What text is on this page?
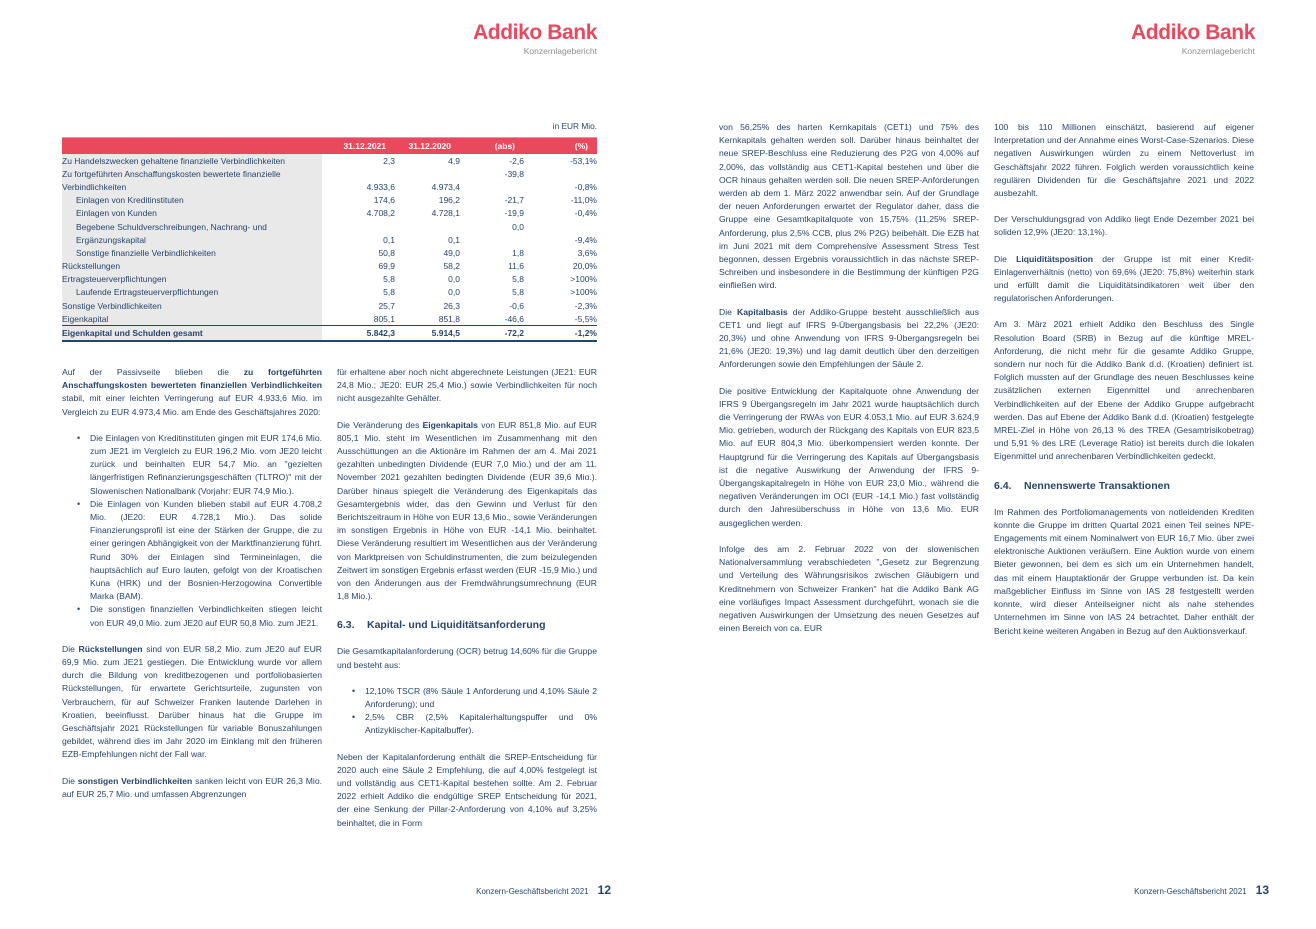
Addiko Bank
Konzernlagebericht
in EUR Mio.
	31.12.2021	31.12.2020	(abs)	(%)
Zu Handelszwecken gehaltene finanzielle Verbindlichkeiten	2,3	4,9	-2,6	-53,1%
Zu fortgeführten Anschaffungskosten bewertete finanzielle			-39,8	
Verbindlichkeiten	4.933,6	4.973,4		-0,8%
Einlagen von Kreditinstituten	174,6	196,2	-21,7	-11,0%
Einlagen von Kunden	4.708,2	4.728,1	-19,9	-0,4%
Begebene Schuldverschreibungen, Nachrang- und			0,0	
Ergänzungskapital	0,1	0,1		-9,4%
Sonstige finanzielle Verbindlichkeiten	50,8	49,0	1,8	3,6%
Rückstellungen	69,9	58,2	11,6	20,0%
Ertragsteuerverpflichtungen	5,8	0,0	5,8	>100%
Laufende Ertragsteuerverpflichtungen	5,8	0,0	5,8	>100%
Sonstige Verbindlichkeiten	25,7	26,3	-0,6	-2,3%
Eigenkapital	805,1	851,8	-46,6	-5,5%
Eigenkapital und Schulden gesamt	5.842,3	5.914,5	-72,2	-1,2%

Auf der Passivseite blieben die zu fortgeführten Anschaffungskosten bewerteten finanziellen Verbindlichkeiten stabil, mit einer leichten Verringerung auf EUR 4.933,6 Mio. im Vergleich zu EUR 4.973,4 Mio. am Ende des Geschäftsjahres 2020:

•	Die Einlagen von Kreditinstituten gingen mit EUR 174,6 Mio. zum JE21 im Vergleich zu EUR 196,2 Mio. vom JE20 leicht zurück und beinhalten EUR 54,7 Mio. an "gezielten längerfristigen Refinanzierungsgeschäften (TLTRO)" mit der Slowenischen Nationalbank (Vorjahr: EUR 74,9 Mio.).
•	Die Einlagen von Kunden blieben stabil auf EUR 4.708,2 Mio. (JE20: EUR 4.728,1 Mio.). Das solide Finanzierungsprofil ist eine der Stärken der Gruppe, die zu einer geringen Abhängigkeit von der Marktfinanzierung führt. Rund 30% der Einlagen sind Termineinlagen, die hauptsächlich auf Euro lauten, gefolgt von der Kroatischen Kuna (HRK) und der Bosnien-Herzogowina Convertible Marka (BAM).
•	Die sonstigen finanziellen Verbindlichkeiten stiegen leicht von EUR 49,0 Mio. zum JE20 auf EUR 50,8 Mio. zum JE21.

Die Rückstellungen sind von EUR 58,2 Mio. zum JE20 auf EUR 69,9 Mio. zum JE21 gestiegen. Die Entwicklung wurde vor allem durch die Bildung von kreditbezogenen und portfoliobasierten Rückstellungen, für erwartete Gerichtsurteile, zugunsten von Verbrauchern, für auf Schweizer Franken lautende Darlehen in Kroatien, beeinflusst. Darüber hinaus hat die Gruppe im Geschäftsjahr 2021 Rückstellungen für variable Bonuszahlungen gebildet, während dies im Jahr 2020 im Einklang mit den früheren EZB-Empfehlungen nicht der Fall war.

Die sonstigen Verbindlichkeiten sanken leicht von EUR 26,3 Mio. auf EUR 25,7 Mio. und umfassen Abgrenzungen

für erhaltene aber noch nicht abgerechnete Leistungen (JE21: EUR 24,8 Mio.; JE20: EUR 25,4 Mio.) sowie Verbindlichkeiten für noch nicht ausgezahlte Gehälter.

Die Veränderung des Eigenkapitals von EUR 851,8 Mio. auf EUR 805,1 Mio. steht im Wesentlichen im Zusammenhang mit den Ausschüttungen an die Aktionäre im Rahmen der am 4. Mai 2021 gezahlten unbedingten Dividende (EUR 7,0 Mio.) und der am 11. November 2021 gezahlten bedingten Dividende (EUR 39,6 Mio.). Darüber hinaus spiegelt die Veränderung des Eigenkapitals das Gesamtergebnis wider, das den Gewinn und Verlust für den Berichtszeitraum in Höhe von EUR 13,6 Mio., sowie Veränderungen im sonstigen Ergebnis in Höhe von EUR -14,1 Mio. beinhaltet. Diese Veränderung resultiert im Wesentlichen aus der Veränderung von Marktpreisen von Schuldinstrumenten, die zum beizulegenden Zeitwert im sonstigen Ergebnis erfasst werden (EUR -15,9 Mio.) und von den Änderungen aus der Fremdwährungsumrechnung (EUR 1,8 Mio.).

6.3.	Kapital- und Liquiditätsanforderung

Die Gesamtkapitalanforderung (OCR) betrug 14,60% für die Gruppe und besteht aus:

•	12,10% TSCR (8% Säule 1 Anforderung und 4,10% Säule 2 Anforderung); und
•	2,5% CBR (2,5% Kapitalerhaltungspuffer und 0% Antizyklischer-Kapitalbuffer).

Neben der Kapitalanforderung enthält die SREP-Entscheidung für 2020 auch eine Säule 2 Empfehlung, die auf 4,00% festgelegt ist und vollständig aus CET1-Kapital bestehen sollte. Am 2. Februar 2022 erhielt Addiko die endgültige SREP Entscheidung für 2021, der eine Senkung der Pillar-2-Anforderung von 4,10% auf 3,25% beinhaltet, die in Form

Konzern-Geschäftsbericht 2021 12
Addiko Bank
Konzernlagebericht

von 56,25% des harten Kernkapitals (CET1) und 75% des Kernkapitals gehalten werden soll. Darüber hinaus beinhaltet der neue SREP-Beschluss eine Reduzierung des P2G von 4,00% auf 2,00%, das vollständig aus CET1-Kapital bestehen und über die OCR hinaus gehalten werden soll. Die neuen SREP-Anforderungen werden ab dem 1. März 2022 anwendbar sein. Auf der Grundlage der neuen Anforderungen erwartet der Regulator daher, dass die Gruppe eine Gesamtkapitalquote von 15,75% (11,25% SREP-Anforderung, plus 2,5% CCB, plus 2% P2G) beibehält. Die EZB hat im Juni 2021 mit dem Comprehensive Assessment Stress Test begonnen, dessen Ergebnis voraussichtlich in das nächste SREP-Schreiben und insbesondere in die Bestimmung der künftigen P2G einfließen wird.

Die Kapitalbasis der Addiko-Gruppe besteht ausschließlich aus CET1 und liegt auf IFRS 9-Übergangsbasis bei 22,2% (JE20: 20,3%) und ohne Anwendung von IFRS 9-Übergangsregeln bei 21,6% (JE20: 19,3%) und lag damit deutlich über den derzeitigen Anforderungen sowie den Empfehlungen der Säule 2.

Die positive Entwicklung der Kapitalquote ohne Anwendung der IFRS 9 Übergangsregeln im Jahr 2021 wurde hauptsächlich durch die Verringerung der RWAs von EUR 4.053,1 Mio. auf EUR 3.624,9 Mio. getrieben, wodurch der Rückgang des Kapitals von EUR 823,5 Mio. auf EUR 804,3 Mio. überkompensiert werden konnte. Der Hauptgrund für die Verringerung des Kapitals auf Übergangsbasis ist die negative Auswirkung der Anwendung der IFRS 9-Übergangskapitalregeln in Höhe von EUR 23,0 Mio., während die negativen Veränderungen im OCI (EUR -14,1 Mio.) fast vollständig durch den Jahresüberschuss in Höhe von 13,6 Mio. EUR ausgeglichen werden.

Infolge des am 2. Februar 2022 von der slowenischen Nationalversammlung verabschiedeten "„Gesetz zur Begrenzung und Verteilung des Währungsrisikos zwischen Gläubigern und Kreditnehmern von Schweizer Franken" hat die Addiko Bank AG eine vorläufiges Impact Assessment durchgeführt, wonach sie die negativen Auswirkungen der Umsetzung des neuen Gesetzes auf einen Bereich von ca. EUR

100 bis 110 Millionen einschätzt, basierend auf eigener Interpretation und der Annahme eines Worst-Case-Szenarios. Diese negativen Auswirkungen würden zu einem Nettoverlust im Geschäftsjahr 2022 führen. Folglich werden voraussichtlich keine regulären Dividenden für die Geschäftsjahre 2021 und 2022 ausbezahlt.

Der Verschuldungsgrad von Addiko liegt Ende Dezember 2021 bei soliden 12,9% (JE20: 13,1%).

Die Liquiditätsposition der Gruppe ist mit einer Kredit-Einlagenverhältnis (netto) von 69,6% (JE20: 75,8%) weiterhin stark und erfüllt damit die Liquiditätsindikatoren weit über den regulatorischen Anforderungen.

Am 3. März 2021 erhielt Addiko den Beschluss des Single Resolution Board (SRB) in Bezug auf die künftige MREL-Anforderung, die nicht mehr für die gesamte Addiko Gruppe, sondern nur noch für die Addiko Bank d.d. (Kroatien) definiert ist. Folglich mussten auf der Grundlage des neuen Beschlusses keine zusätzlichen externen Eigenmittel und anrechenbaren Verbindlichkeiten auf der Ebene der Addiko Gruppe aufgebracht werden. Das auf Ebene der Addiko Bank d.d. (Kroatien) festgelegte MREL-Ziel in Höhe von 26,13 % des TREA (Gesamtrisikobetrag) und 5,91 % des LRE (Leverage Ratio) ist bereits durch die lokalen Eigenmittel und anrechenbaren Verbindlichkeiten gedeckt.

6.4.	Nennenswerte Transaktionen

Im Rahmen des Portfoliomanagements von notleidenden Krediten konnte die Gruppe im dritten Quartal 2021 einen Teil seines NPE-Engagements mit einem Nominalwert von EUR 16,7 Mio. über zwei elektronische Auktionen veräußern. Eine Auktion wurde von einem Bieter gewonnen, bei dem es sich um ein Unternehmen handelt, das mit einem Hauptaktionär der Gruppe verbunden ist. Da kein maßgeblicher Einfluss im Sinne von IAS 28 festgestellt werden konnte, wird dieser Anteilseigner nicht als nahe stehendes Unternehmen im Sinne von IAS 24 betrachtet. Daher enthält der Bericht keine weiteren Angaben in Bezug auf den Auktionsverkauf.

Konzern-Geschäftsbericht 2021 13
